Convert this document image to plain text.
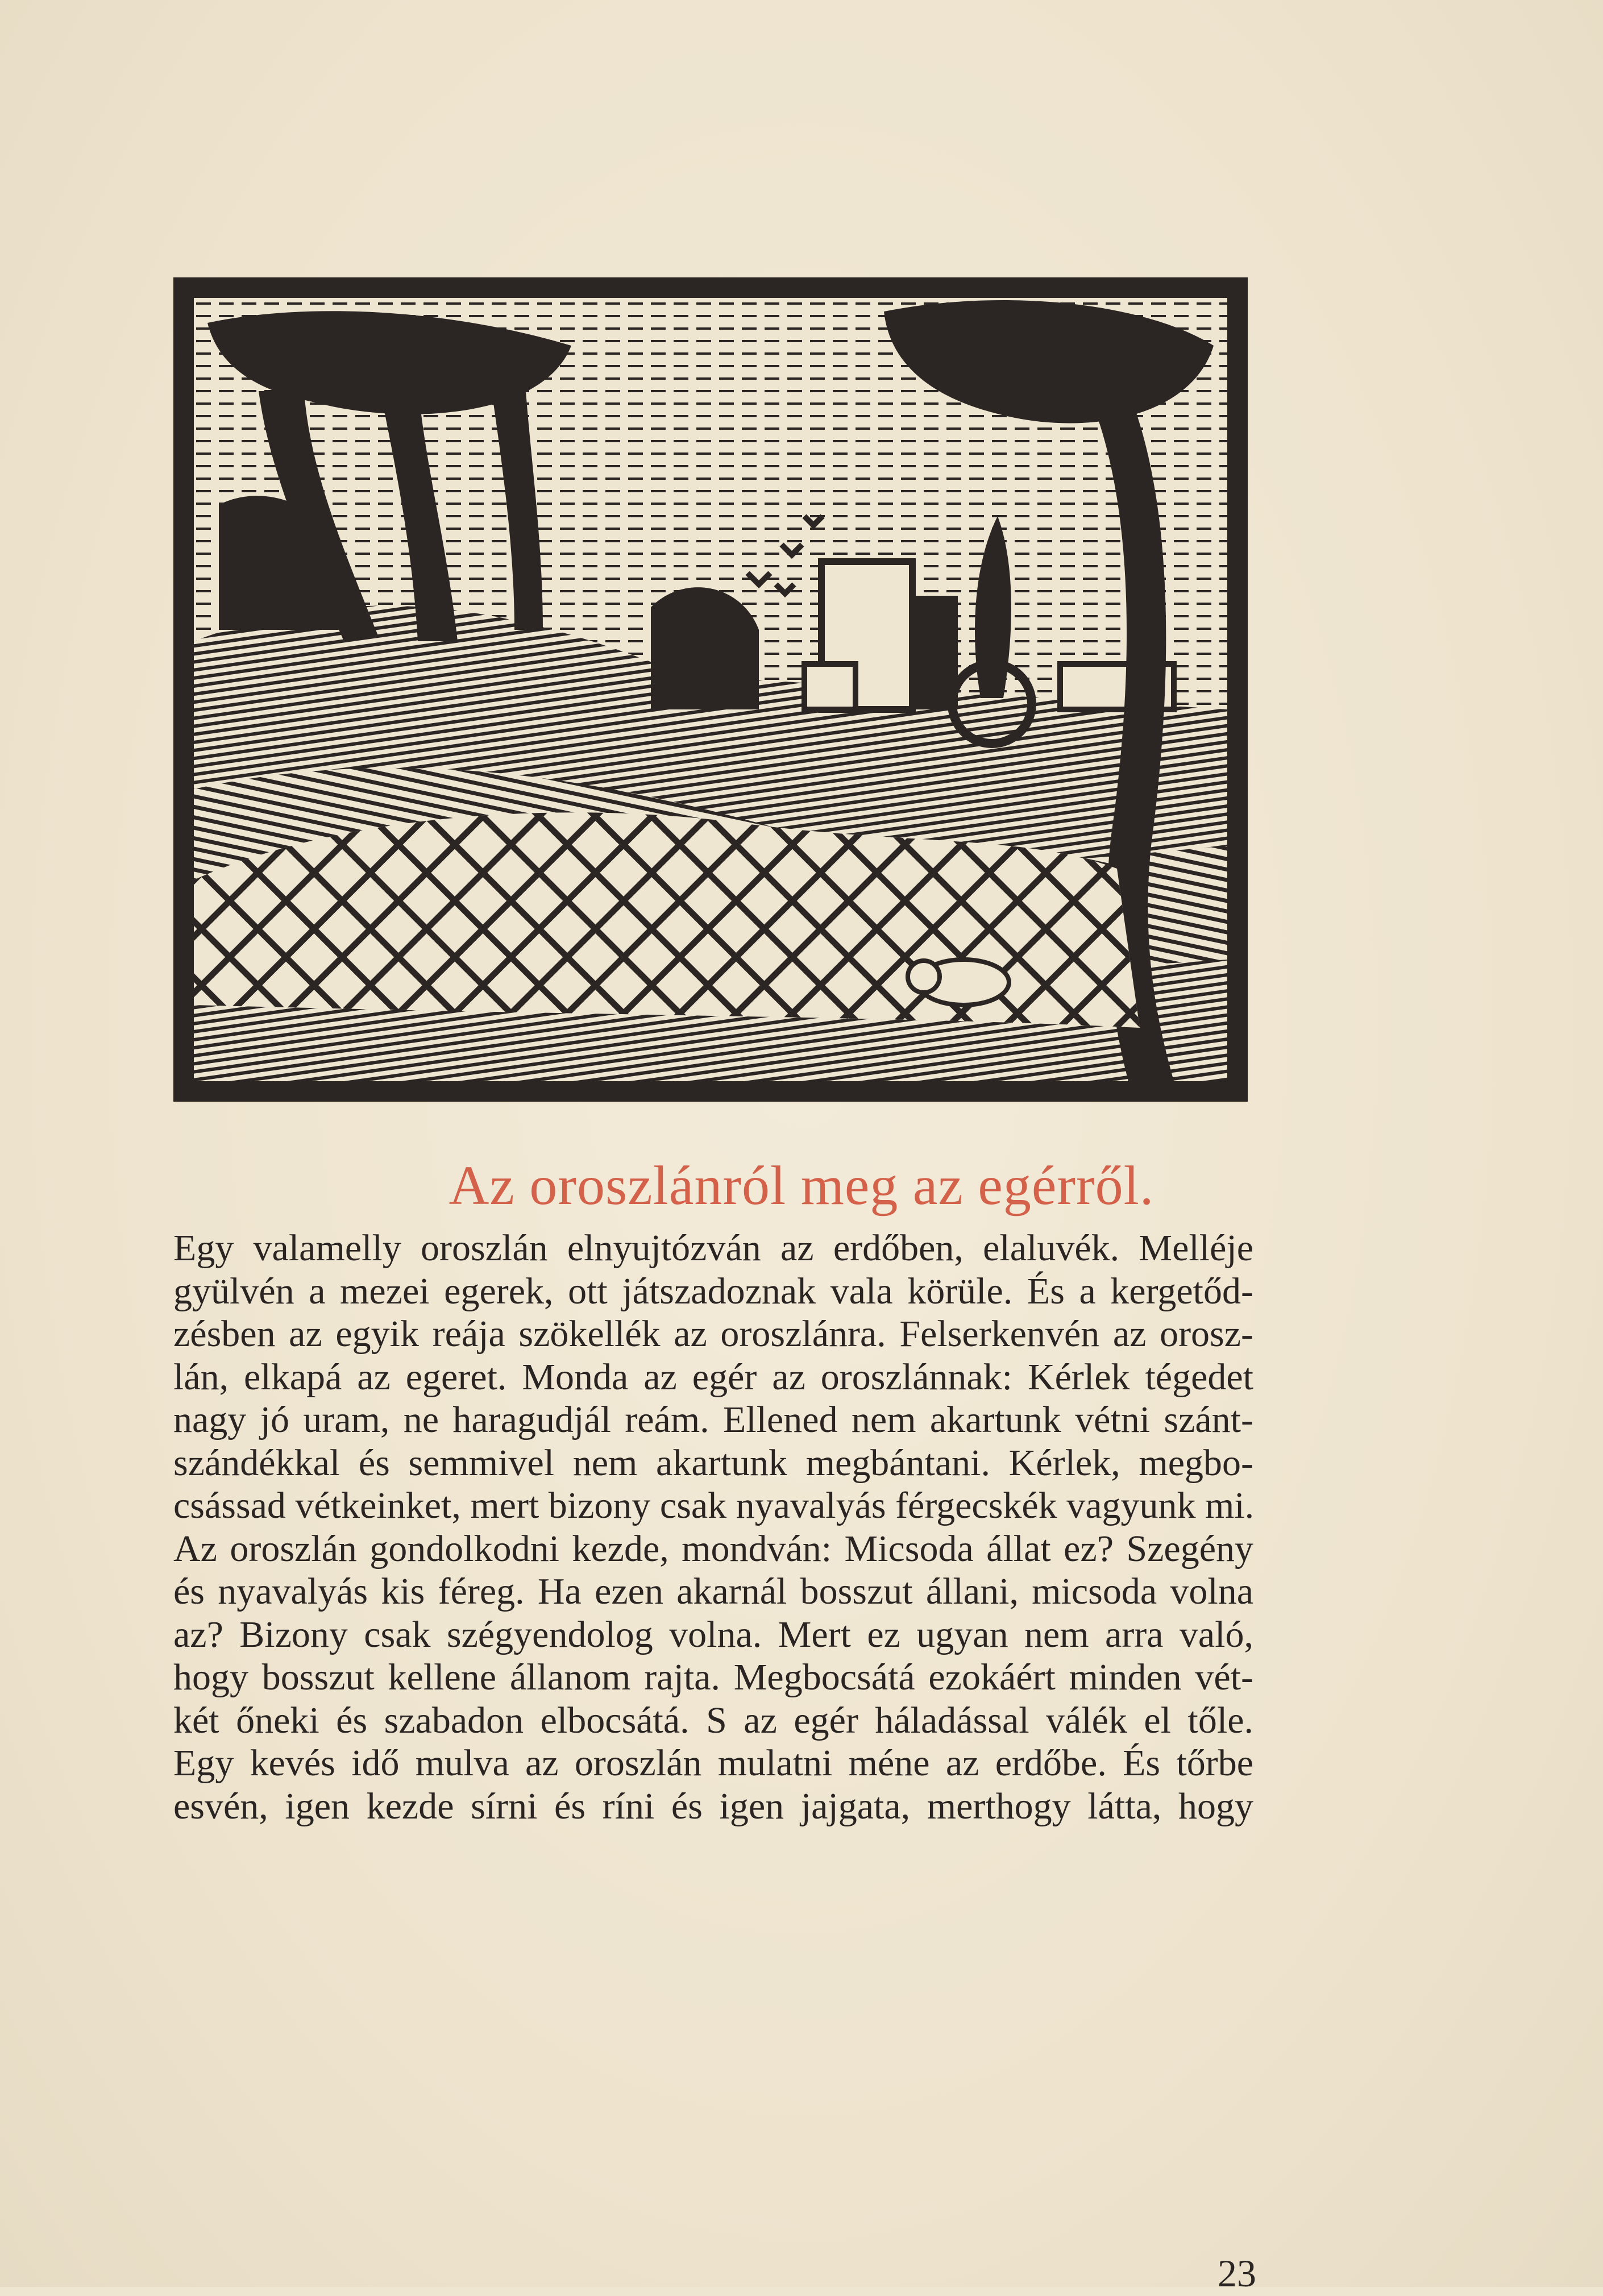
Az oroszlánról meg az egérről.
Egy valamelly oroszlán elnyujtózván az erdőben, elaluvék. Melléje
gyülvén a mezei egerek, ott játszadoznak vala körüle. És a kergetőd-
zésben az egyik reája szökellék az oroszlánra. Felserkenvén az orosz-
lán, elkapá az egeret. Monda az egér az oroszlánnak: Kérlek tégedet
nagy jó uram, ne haragudjál reám. Ellened nem akartunk vétni szánt-
szándékkal és semmivel nem akartunk megbántani. Kérlek, megbo-
csássad vétkeinket, mert bizony csak nyavalyás férgecskék vagyunk mi.
Az oroszlán gondolkodni kezde, mondván: Micsoda állat ez? Szegény
és nyavalyás kis féreg. Ha ezen akarnál bosszut állani, micsoda volna
az? Bizony csak szégyendolog volna. Mert ez ugyan nem arra való,
hogy bosszut kellene állanom rajta. Megbocsátá ezokáért minden vét-
két őneki és szabadon elbocsátá. S az egér háladással válék el tőle.
Egy kevés idő mulva az oroszlán mulatni méne az erdőbe. És tőrbe
esvén, igen kezde sírni és ríni és igen jajgata, merthogy látta, hogy
23
